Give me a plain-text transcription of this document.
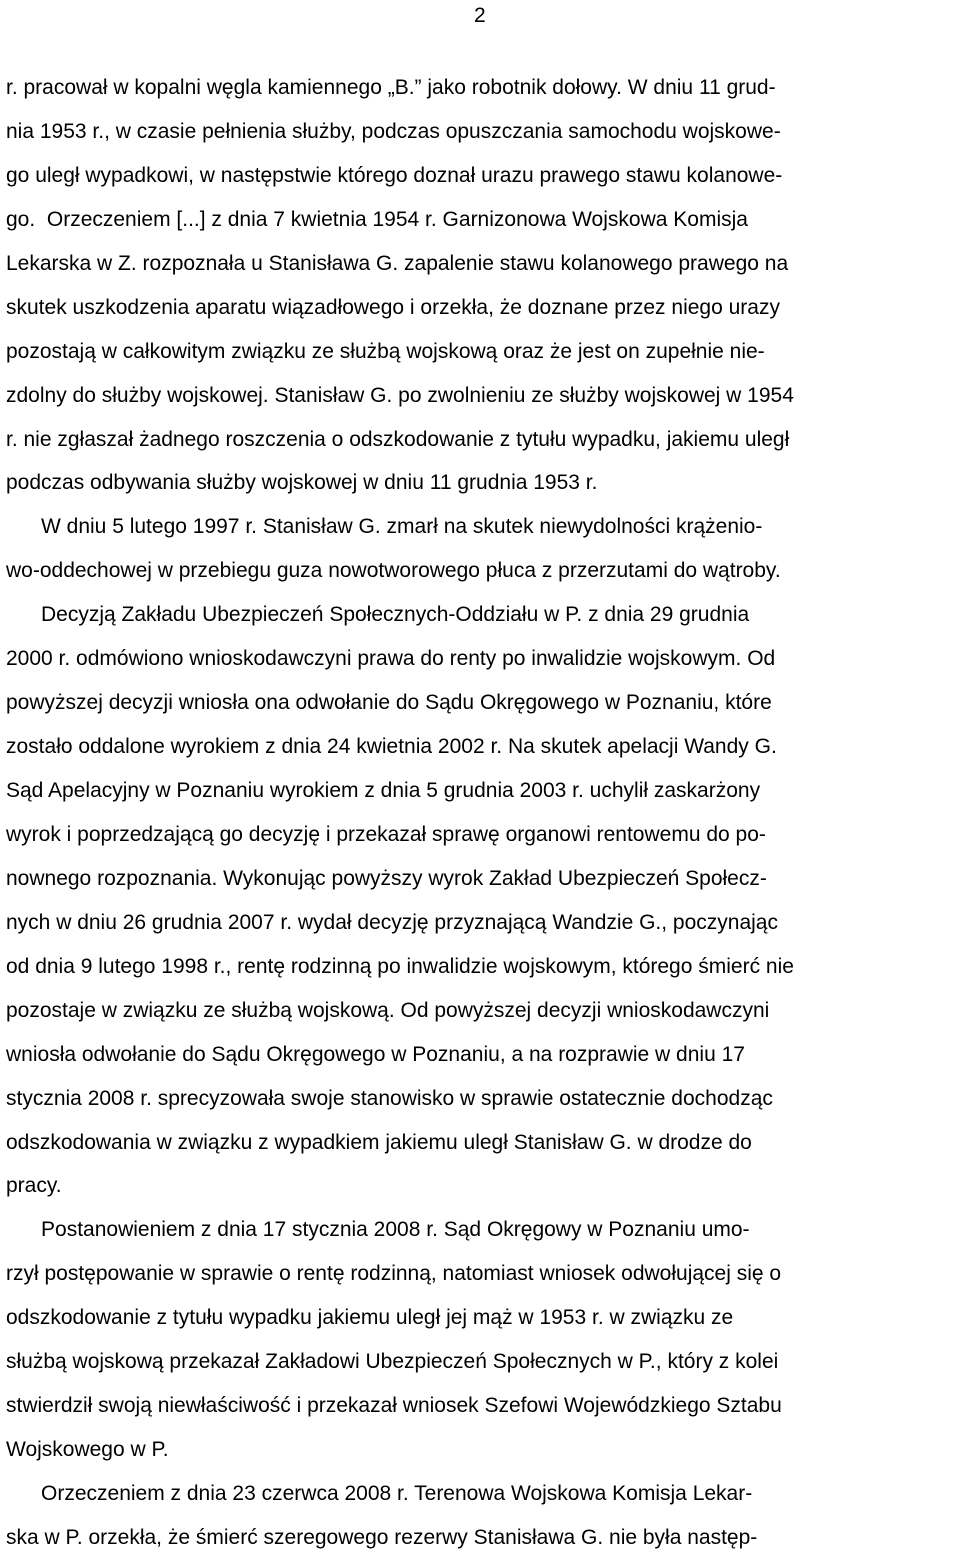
2
r. pracował w kopalni węgla kamiennego „B.” jako robotnik dołowy. W dniu 11 grud-
nia 1953 r., w czasie pełnienia służby, podczas opuszczania samochodu wojskowe-
go uległ wypadkowi, w następstwie którego doznał urazu prawego stawu kolanowe-
go.  Orzeczeniem [...] z dnia 7 kwietnia 1954 r. Garnizonowa Wojskowa Komisja
Lekarska w Z. rozpoznała u Stanisława G. zapalenie stawu kolanowego prawego na
skutek uszkodzenia aparatu wiązadłowego i orzekła, że doznane przez niego urazy
pozostają w całkowitym związku ze służbą wojskową oraz że jest on zupełnie nie-
zdolny do służby wojskowej. Stanisław G. po zwolnieniu ze służby wojskowej w 1954
r. nie zgłaszał żadnego roszczenia o odszkodowanie z tytułu wypadku, jakiemu uległ
podczas odbywania służby wojskowej w dniu 11 grudnia 1953 r.
W dniu 5 lutego 1997 r. Stanisław G. zmarł na skutek niewydolności krążenio-
wo-oddechowej w przebiegu guza nowotworowego płuca z przerzutami do wątroby.
Decyzją Zakładu Ubezpieczeń Społecznych-Oddziału w P. z dnia 29 grudnia
2000 r. odmówiono wnioskodawczyni prawa do renty po inwalidzie wojskowym. Od
powyższej decyzji wniosła ona odwołanie do Sądu Okręgowego w Poznaniu, które
zostało oddalone wyrokiem z dnia 24 kwietnia 2002 r. Na skutek apelacji Wandy G.
Sąd Apelacyjny w Poznaniu wyrokiem z dnia 5 grudnia 2003 r. uchylił zaskarżony
wyrok i poprzedzającą go decyzję i przekazał sprawę organowi rentowemu do po-
nownego rozpoznania. Wykonując powyższy wyrok Zakład Ubezpieczeń Społecz-
nych w dniu 26 grudnia 2007 r. wydał decyzję przyznającą Wandzie G., poczynając
od dnia 9 lutego 1998 r., rentę rodzinną po inwalidzie wojskowym, którego śmierć nie
pozostaje w związku ze służbą wojskową. Od powyższej decyzji wnioskodawczyni
wniosła odwołanie do Sądu Okręgowego w Poznaniu, a na rozprawie w dniu 17
stycznia 2008 r. sprecyzowała swoje stanowisko w sprawie ostatecznie dochodząc
odszkodowania w związku z wypadkiem jakiemu uległ Stanisław G. w drodze do
pracy.
Postanowieniem z dnia 17 stycznia 2008 r. Sąd Okręgowy w Poznaniu umo-
rzył postępowanie w sprawie o rentę rodzinną, natomiast wniosek odwołującej się o
odszkodowanie z tytułu wypadku jakiemu uległ jej mąż w 1953 r. w związku ze
służbą wojskową przekazał Zakładowi Ubezpieczeń Społecznych w P., który z kolei
stwierdził swoją niewłaściwość i przekazał wniosek Szefowi Wojewódzkiego Sztabu
Wojskowego w P.
Orzeczeniem z dnia 23 czerwca 2008 r. Terenowa Wojskowa Komisja Lekar-
ska w P. orzekła, że śmierć szeregowego rezerwy Stanisława G. nie była następ-
